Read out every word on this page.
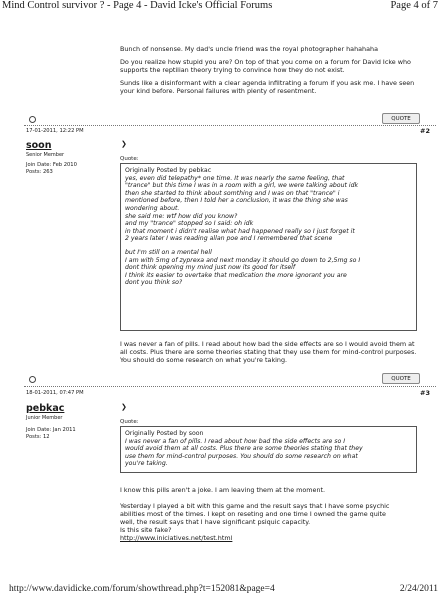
Mind Control survivor ? - Page 4 - David Icke's Official Forums	Page 4 of 7

Bunch of nonsense. My dad's uncle friend was the royal photographer hahahaha

Do you realize how stupid you are? On top of that you come on a forum for David Icke who supports the reptilian theory trying to convince how they do not exist.

Sunds like a disinformant with a clear agenda infiltrating a forum if you ask me. I have seen your kind before. Personal failures with plenty of resentment.

QUOTE
17-01-2011, 12:22 PM	#2
soon
Senior Member
Join Date: Feb 2010
Posts: 263
❯
Quote:
Originally Posted by pebkac
yes, even did telepathy* one time. It was nearly the same feeling, that
"trance" but this time I was in a room with a girl, we were talking about idk
then she started to think about somthing and I was on that "trance" i
mentioned before, then I told her a conclusion, it was the thing she was
wondering about.
she said me: wtf how did you know?
and my "trance" stopped so I said: oh idk
in that moment i didn't realise what had happened really so I just forget it
2 years later I was reading allan poe and I remembered that scene
but I'm still on a mental hell
I am with 5mg of zyprexa and next monday it should go down to 2,5mg so I
dont think opening my mind just now its good for itself
I think its easier to overtake that medication the more ignorant you are
dont you think so?
I was never a fan of pills. I read about how bad the side effects are so I would avoid them at all costs. Plus there are some theories stating that they use them for mind-control purposes. You should do some research on what you're taking.
QUOTE
18-01-2011, 07:47 PM	#3
pebkac
Junior Member
Join Date: Jan 2011
Posts: 12
❯
Quote:
Originally Posted by soon
I was never a fan of pills. I read about how bad the side effects are so I
would avoid them at all costs. Plus there are some theories stating that they
use them for mind-control purposes. You should do some research on what
you're taking.

I know this pills aren't a joke. I am leaving them at the moment.

Yesterday I played a bit with this game and the result says that I have some psychic
abilities most of the times. I kept on reseting and one time I owned the game quite
well, the result says that I have significant psiquic capacity.
Is this site fake?
http://www.iniciatives.net/test.html
http://www.davidicke.com/forum/showthread.php?t=152081&page=4	2/24/2011
